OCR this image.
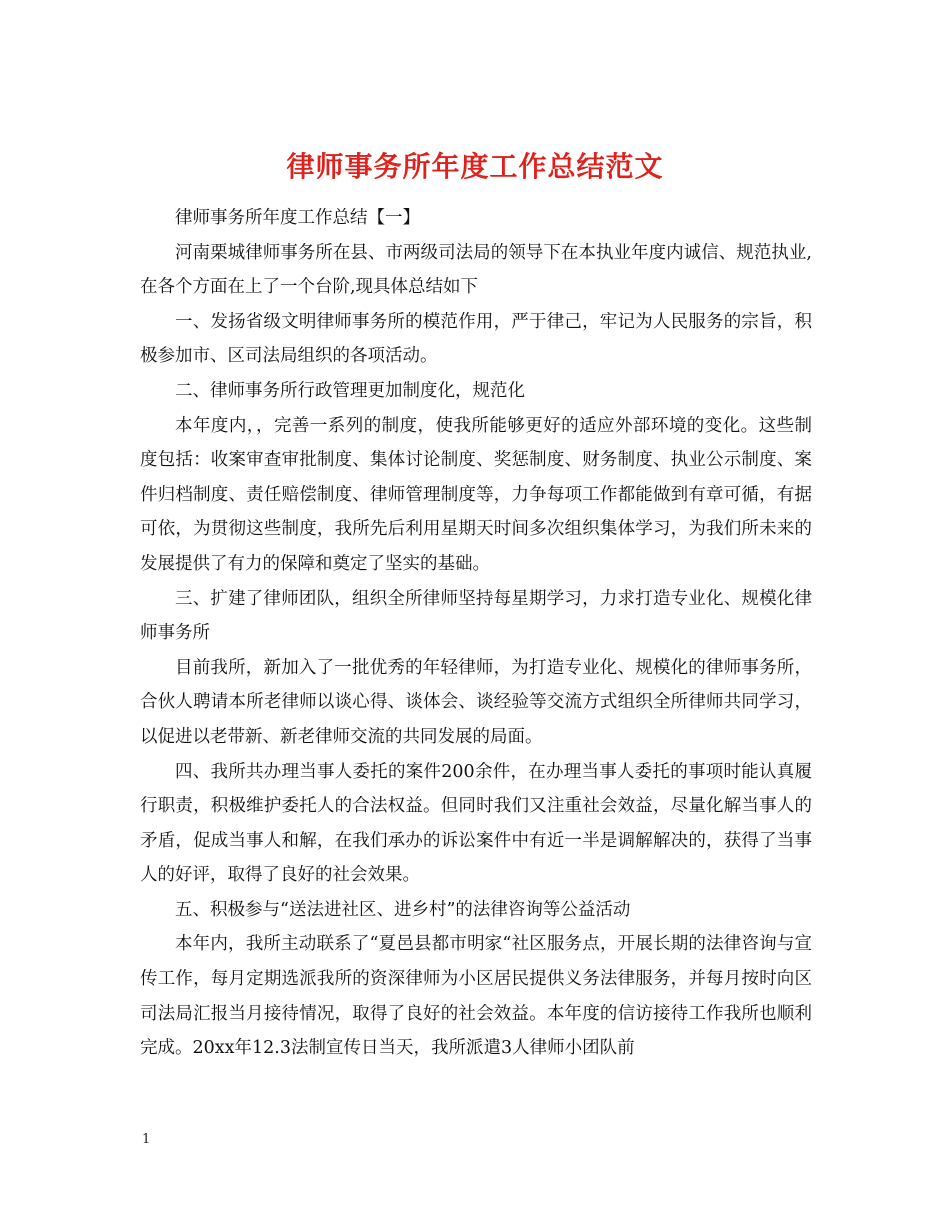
律师事务所年度工作总结范文

律师事务所年度工作总结【一】

河南栗城律师事务所在县、市两级司法局的领导下在本执业年度内诚信、规范执业,在各个方面在上了一个台阶,现具体总结如下

一、发扬省级文明律师事务所的模范作用，严于律己，牢记为人民服务的宗旨，积极参加市、区司法局组织的各项活动。

二、律师事务所行政管理更加制度化，规范化

本年度内，，完善一系列的制度，使我所能够更好的适应外部环境的变化。这些制度包括：收案审查审批制度、集体讨论制度、奖惩制度、财务制度、执业公示制度、案件归档制度、责任赔偿制度、律师管理制度等，力争每项工作都能做到有章可循，有据可依，为贯彻这些制度，我所先后利用星期天时间多次组织集体学习，为我们所未来的发展提供了有力的保障和奠定了坚实的基础。

三、扩建了律师团队，组织全所律师坚持每星期学习，力求打造专业化、规模化律师事务所

目前我所，新加入了一批优秀的年轻律师，为打造专业化、规模化的律师事务所，合伙人聘请本所老律师以谈心得、谈体会、谈经验等交流方式组织全所律师共同学习，以促进以老带新、新老律师交流的共同发展的局面。

四、我所共办理当事人委托的案件200余件，在办理当事人委托的事项时能认真履行职责，积极维护委托人的合法权益。但同时我们又注重社会效益，尽量化解当事人的矛盾，促成当事人和解，在我们承办的诉讼案件中有近一半是调解解决的，获得了当事人的好评，取得了良好的社会效果。

五、积极参与“送法进社区、进乡村”的法律咨询等公益活动

本年内，我所主动联系了“夏邑县都市明家“社区服务点，开展长期的法律咨询与宣传工作，每月定期选派我所的资深律师为小区居民提供义务法律服务，并每月按时向区司法局汇报当月接待情况，取得了良好的社会效益。本年度的信访接待工作我所也顺利完成。20xx年12.3法制宣传日当天，我所派遣3人律师小团队前

1
